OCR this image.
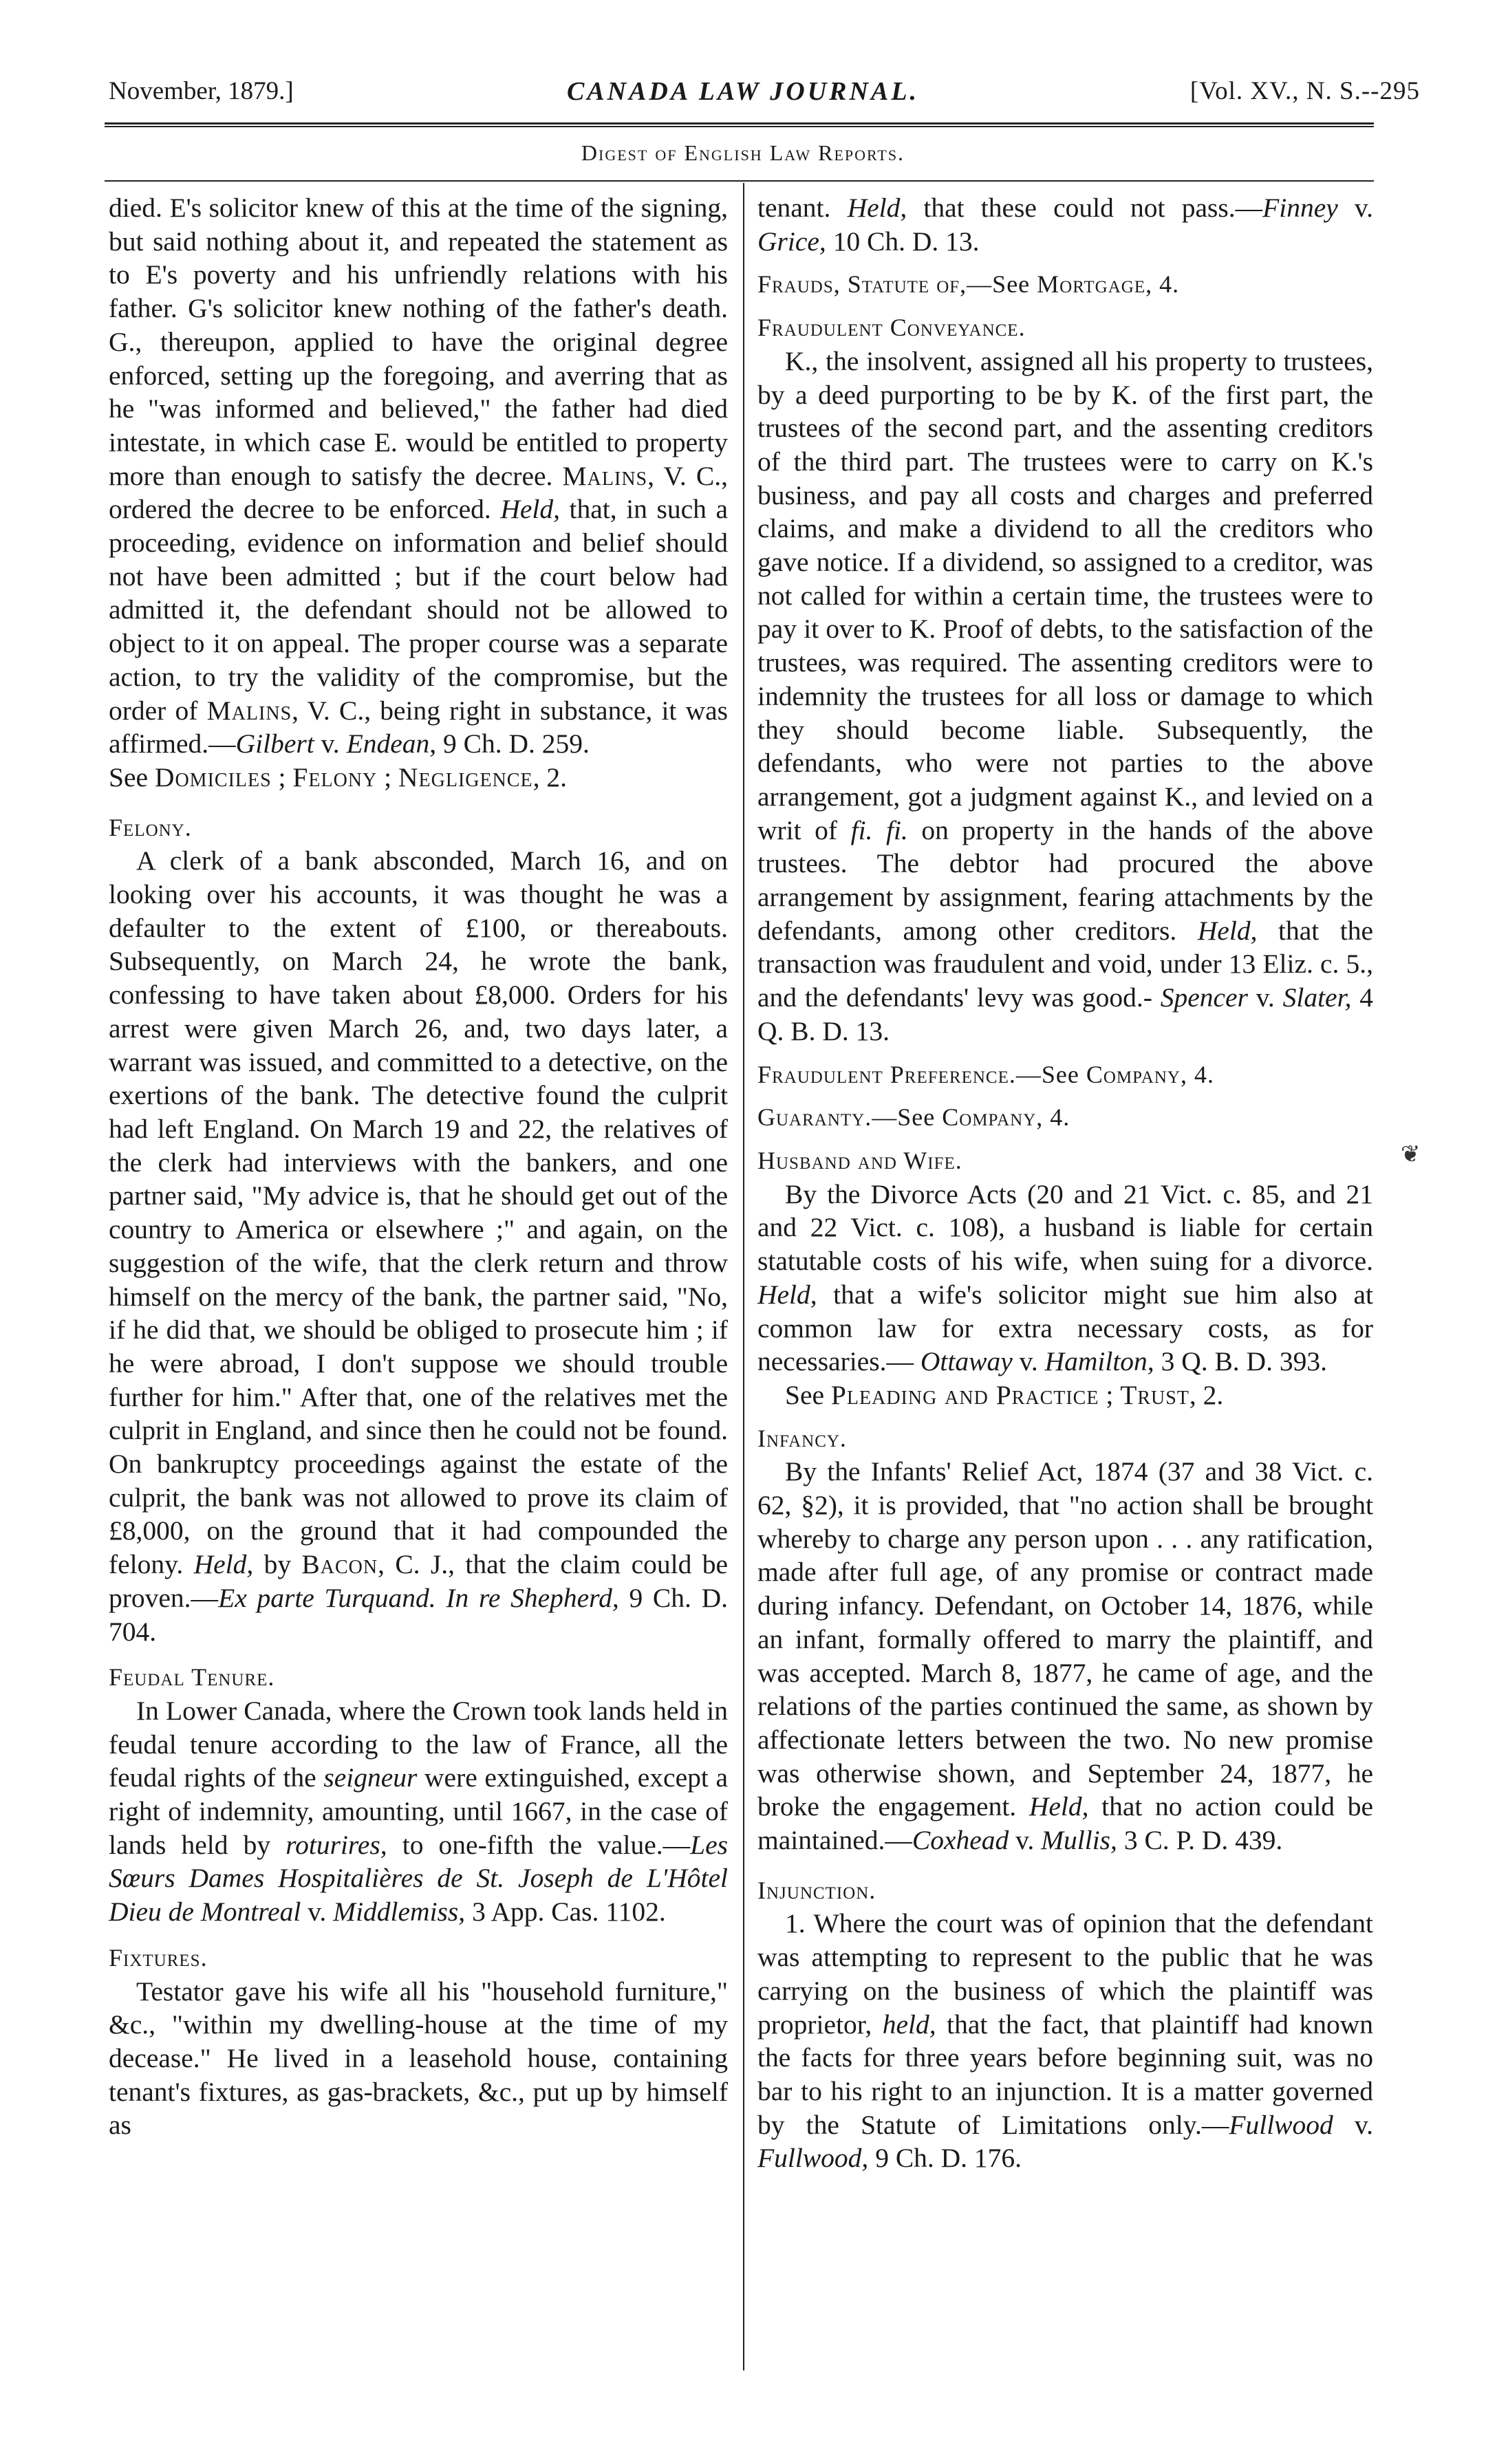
November, 1879.]	CANADA LAW JOURNAL.	[Vol. XV., N. S.--295
Digest of English Law Reports.

died. E's solicitor knew of this at the time of the signing, but said nothing about it, and repeated the statement as to E's poverty and his unfriendly relations with his father. G's solicitor knew nothing of the father's death. G., thereupon, applied to have the original degree enforced, setting up the foregoing, and averring that as he "was informed and believed," the father had died intestate, in which case E. would be entitled to property more than enough to satisfy the decree. Malins, V. C., ordered the decree to be enforced. Held, that, in such a proceeding, evidence on information and belief should not have been admitted ; but if the court below had admitted it, the defendant should not be allowed to object to it on appeal. The proper course was a separate action, to try the validity of the compromise, but the order of Malins, V. C., being right in substance, it was affirmed.—Gilbert v. Endean, 9 Ch. D. 259.

See Domiciles ; Felony ; Negligence, 2.

Felony.

A clerk of a bank absconded, March 16, and on looking over his accounts, it was thought he was a defaulter to the extent of £100, or thereabouts. Subsequently, on March 24, he wrote the bank, confessing to have taken about £8,000. Orders for his arrest were given March 26, and, two days later, a warrant was issued, and committed to a detective, on the exertions of the bank. The detective found the culprit had left England. On March 19 and 22, the relatives of the clerk had interviews with the bankers, and one partner said, "My advice is, that he should get out of the country to America or elsewhere ;" and again, on the suggestion of the wife, that the clerk return and throw himself on the mercy of the bank, the partner said, "No, if he did that, we should be obliged to prosecute him ; if he were abroad, I don't suppose we should trouble further for him." After that, one of the relatives met the culprit in England, and since then he could not be found. On bankruptcy proceedings against the estate of the culprit, the bank was not allowed to prove its claim of £8,000, on the ground that it had compounded the felony. Held, by Bacon, C. J., that the claim could be proven.—Ex parte Turquand. In re Shepherd, 9 Ch. D. 704.

Feudal Tenure.

In Lower Canada, where the Crown took lands held in feudal tenure according to the law of France, all the feudal rights of the seigneur were extinguished, except a right of indemnity, amounting, until 1667, in the case of lands held by roturires, to one-fifth the value.—Les Sœurs Dames Hospitalières de St. Joseph de L'Hôtel Dieu de Montreal v. Middlemiss, 3 App. Cas. 1102.

Fixtures.

Testator gave his wife all his "household furniture," &c., "within my dwelling-house at the time of my decease." He lived in a leasehold house, containing tenant's fixtures, as gas-brackets, &c., put up by himself as

tenant. Held, that these could not pass.—Finney v. Grice, 10 Ch. D. 13.

Frauds, Statute of,—See Mortgage, 4.

Fraudulent Conveyance.

K., the insolvent, assigned all his property to trustees, by a deed purporting to be by K. of the first part, the trustees of the second part, and the assenting creditors of the third part. The trustees were to carry on K.'s business, and pay all costs and charges and preferred claims, and make a dividend to all the creditors who gave notice. If a dividend, so assigned to a creditor, was not called for within a certain time, the trustees were to pay it over to K. Proof of debts, to the satisfaction of the trustees, was required. The assenting creditors were to indemnity the trustees for all loss or damage to which they should become liable. Subsequently, the defendants, who were not parties to the above arrangement, got a judgment against K., and levied on a writ of fi. fi. on property in the hands of the above trustees. The debtor had procured the above arrangement by assignment, fearing attachments by the defendants, among other creditors. Held, that the transaction was fraudulent and void, under 13 Eliz. c. 5., and the defendants' levy was good.- Spencer v. Slater, 4 Q. B. D. 13.

Fraudulent Preference.—See Company, 4.

Guaranty.—See Company, 4.

Husband and Wife.

By the Divorce Acts (20 and 21 Vict. c. 85, and 21 and 22 Vict. c. 108), a husband is liable for certain statutable costs of his wife, when suing for a divorce. Held, that a wife's solicitor might sue him also at common law for extra necessary costs, as for necessaries.— Ottaway v. Hamilton, 3 Q. B. D. 393.

See Pleading and Practice ; Trust, 2.

Infancy.

By the Infants' Relief Act, 1874 (37 and 38 Vict. c. 62, §2), it is provided, that "no action shall be brought whereby to charge any person upon . . . any ratification, made after full age, of any promise or contract made during infancy. Defendant, on October 14, 1876, while an infant, formally offered to marry the plaintiff, and was accepted. March 8, 1877, he came of age, and the relations of the parties continued the same, as shown by affectionate letters between the two. No new promise was otherwise shown, and September 24, 1877, he broke the engagement. Held, that no action could be maintained.—Coxhead v. Mullis, 3 C. P. D. 439.

Injunction.

1. Where the court was of opinion that the defendant was attempting to represent to the public that he was carrying on the business of which the plaintiff was proprietor, held, that the fact, that plaintiff had known the facts for three years before beginning suit, was no bar to his right to an injunction. It is a matter governed by the Statute of Limitations only.—Fullwood v. Fullwood, 9 Ch. D. 176.

❦
